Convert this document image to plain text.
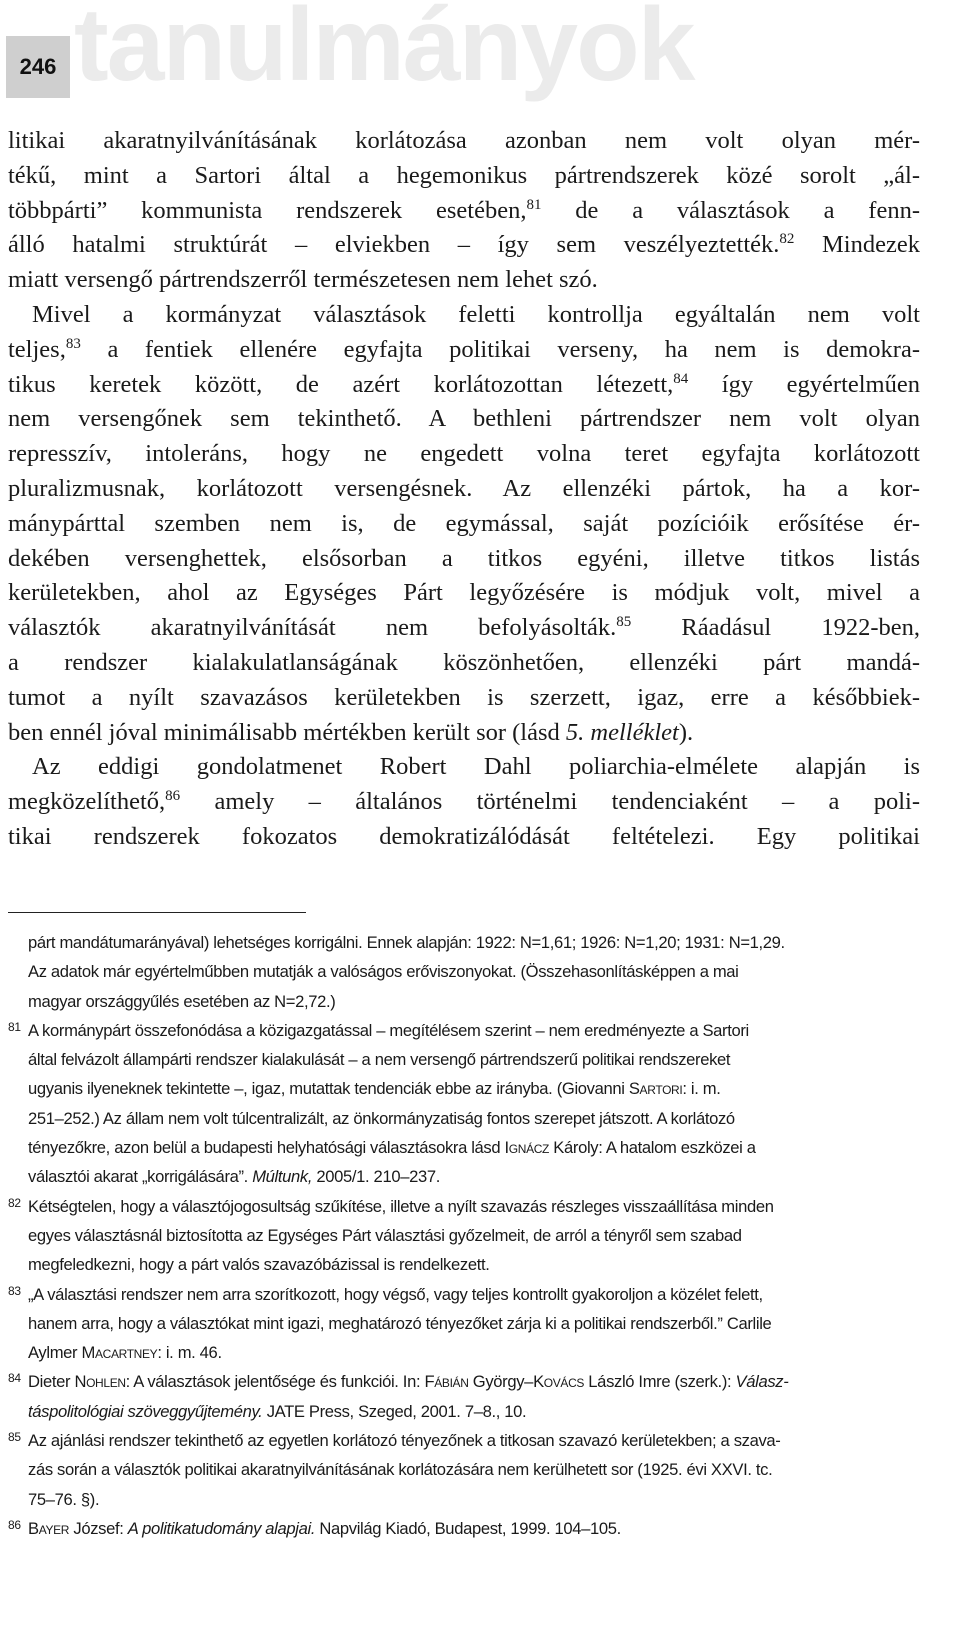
tanulmányok
246

litikai akaratnyilvánításának korlátozása azonban nem volt olyan mér-
tékű, mint a Sartori által a hegemonikus pártrendszerek közé sorolt „ál-
többpárti” kommunista rendszerek esetében,$^{81}$ de a választások a fenn-
álló hatalmi struktúrát – elviekben – így sem veszélyeztették.$^{82}$ Mindezek
miatt versengő pártrendszerről természetesen nem lehet szó.

Mivel a kormányzat választások feletti kontrollja egyáltalán nem volt
teljes,$^{83}$ a fentiek ellenére egyfajta politikai verseny, ha nem is demokra-
tikus keretek között, de azért korlátozottan létezett,$^{84}$ így egyértelműen
nem versengőnek sem tekinthető. A bethleni pártrendszer nem volt olyan
represszív, intoleráns, hogy ne engedett volna teret egyfajta korlátozott
pluralizmusnak, korlátozott versengésnek. Az ellenzéki pártok, ha a kor-
mánypárttal szemben nem is, de egymással, saját pozícióik erősítése ér-
dekében versenghettek, elsősorban a titkos egyéni, illetve titkos listás
kerületekben, ahol az Egységes Párt legyőzésére is módjuk volt, mivel a
választók akaratnyilvánítását nem befolyásolták.$^{85}$ Ráadásul 1922-ben,
a rendszer kialakulatlanságának köszönhetően, ellenzéki párt mandá-
tumot a nyílt szavazásos kerületekben is szerzett, igaz, erre a későbbiek-
ben ennél jóval minimálisabb mértékben került sor (lásd 5. melléklet).

Az eddigi gondolatmenet Robert Dahl poliarchia-elmélete alapján is
megközelíthető,$^{86}$ amely – általános történelmi tendenciaként – a poli-
tikai rendszerek fokozatos demokratizálódását feltételezi. Egy politikai

párt mandátumarányával) lehetséges korrigálni. Ennek alapján: 1922: N=1,61; 1926: N=1,20; 1931: N=1,29.
Az adatok már egyértelműbben mutatják a valóságos erőviszonyokat. (Összehasonlításképpen a mai
magyar országgyűlés esetében az N=2,72.)
81 A kormánypárt összefonódása a közigazgatással – megítélésem szerint – nem eredményezte a Sartori
által felvázolt állampárti rendszer kialakulását – a nem versengő pártrendszerű politikai rendszereket
ugyanis ilyeneknek tekintette –, igaz, mutattak tendenciák ebbe az irányba. (Giovanni Sartori: i. m.
251–252.) Az állam nem volt túlcentralizált, az önkormányzatiság fontos szerepet játszott. A korlátozó
tényezőkre, azon belül a budapesti helyhatósági választásokra lásd Ignácz Károly: A hatalom eszközei a
választói akarat „korrigálására”. Múltunk, 2005/1. 210–237.
82 Kétségtelen, hogy a választójogosultság szűkítése, illetve a nyílt szavazás részleges visszaállítása minden
egyes választásnál biztosította az Egységes Párt választási győzelmeit, de arról a tényről sem szabad
megfeledkezni, hogy a párt valós szavazóbázissal is rendelkezett.
83 „A választási rendszer nem arra szorítkozott, hogy végső, vagy teljes kontrollt gyakoroljon a közélet felett,
hanem arra, hogy a választókat mint igazi, meghatározó tényezőket zárja ki a politikai rendszerből.” Carlile
Aylmer Macartney: i. m. 46.
84 Dieter Nohlen: A választások jelentősége és funkciói. In: Fábián György–Kovács László Imre (szerk.): Válasz-
táspolitológiai szöveggyűjtemény. JATE Press, Szeged, 2001. 7–8., 10.
85 Az ajánlási rendszer tekinthető az egyetlen korlátozó tényezőnek a titkosan szavazó kerületekben; a szava-
zás során a választók politikai akaratnyilvánításának korlátozására nem kerülhetett sor (1925. évi XXVI. tc.
75–76. §).
86 Bayer József: A politikatudomány alapjai. Napvilág Kiadó, Budapest, 1999. 104–105.
